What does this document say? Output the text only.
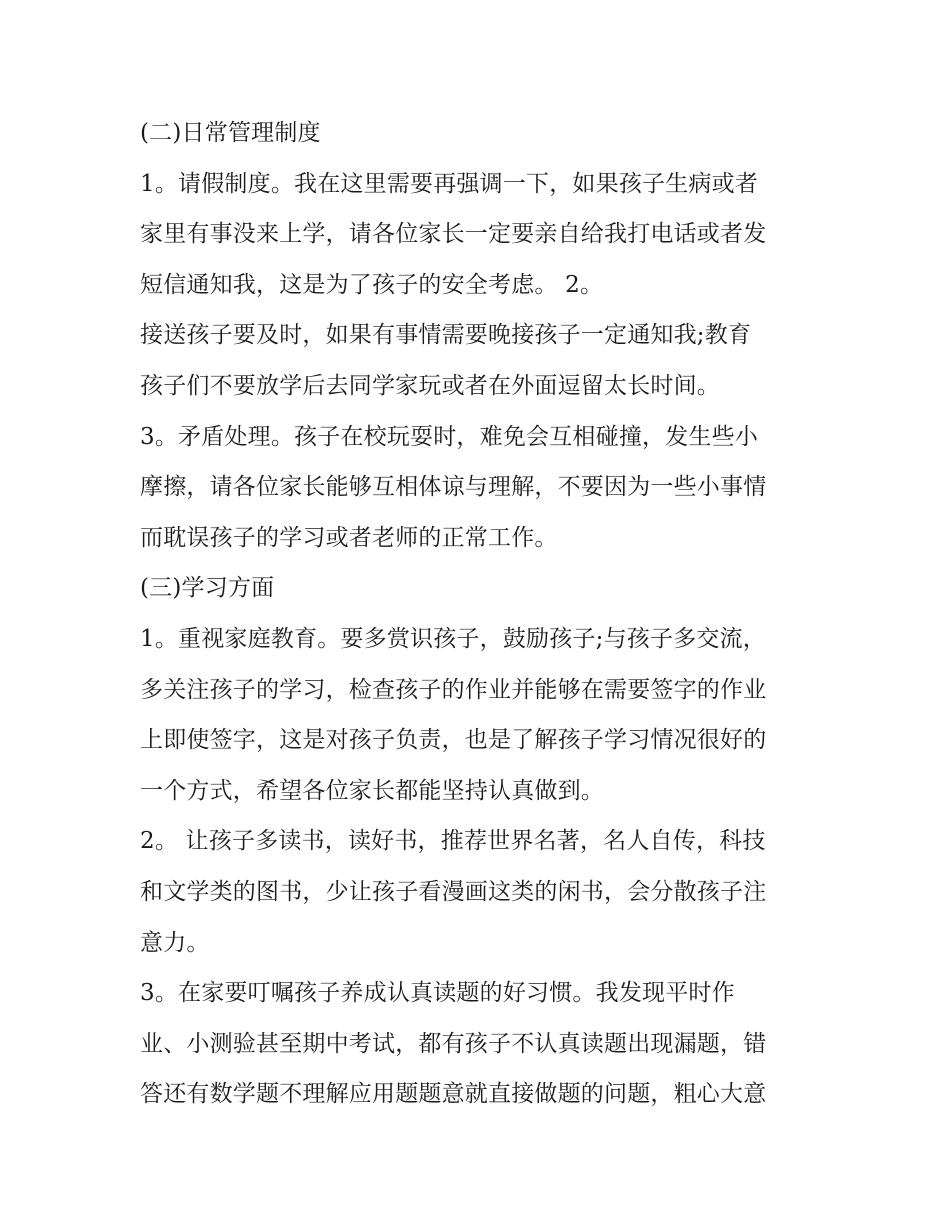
(二)日常管理制度
1。请假制度。我在这里需要再强调一下，如果孩子生病或者
家里有事没来上学，请各位家长一定要亲自给我打电话或者发
短信通知我，这是为了孩子的安全考虑。 2。
接送孩子要及时，如果有事情需要晚接孩子一定通知我;教育
孩子们不要放学后去同学家玩或者在外面逗留太长时间。
3。矛盾处理。孩子在校玩耍时，难免会互相碰撞，发生些小
摩擦，请各位家长能够互相体谅与理解，不要因为一些小事情
而耽误孩子的学习或者老师的正常工作。
(三)学习方面
1。重视家庭教育。要多赏识孩子，鼓励孩子;与孩子多交流，
多关注孩子的学习，检查孩子的作业并能够在需要签字的作业
上即使签字，这是对孩子负责，也是了解孩子学习情况很好的
一个方式，希望各位家长都能坚持认真做到。
2。 让孩子多读书，读好书，推荐世界名著，名人自传，科技
和文学类的图书，少让孩子看漫画这类的闲书，会分散孩子注
意力。
3。在家要叮嘱孩子养成认真读题的好习惯。我发现平时作
业、小测验甚至期中考试，都有孩子不认真读题出现漏题，错
答还有数学题不理解应用题题意就直接做题的问题，粗心大意
